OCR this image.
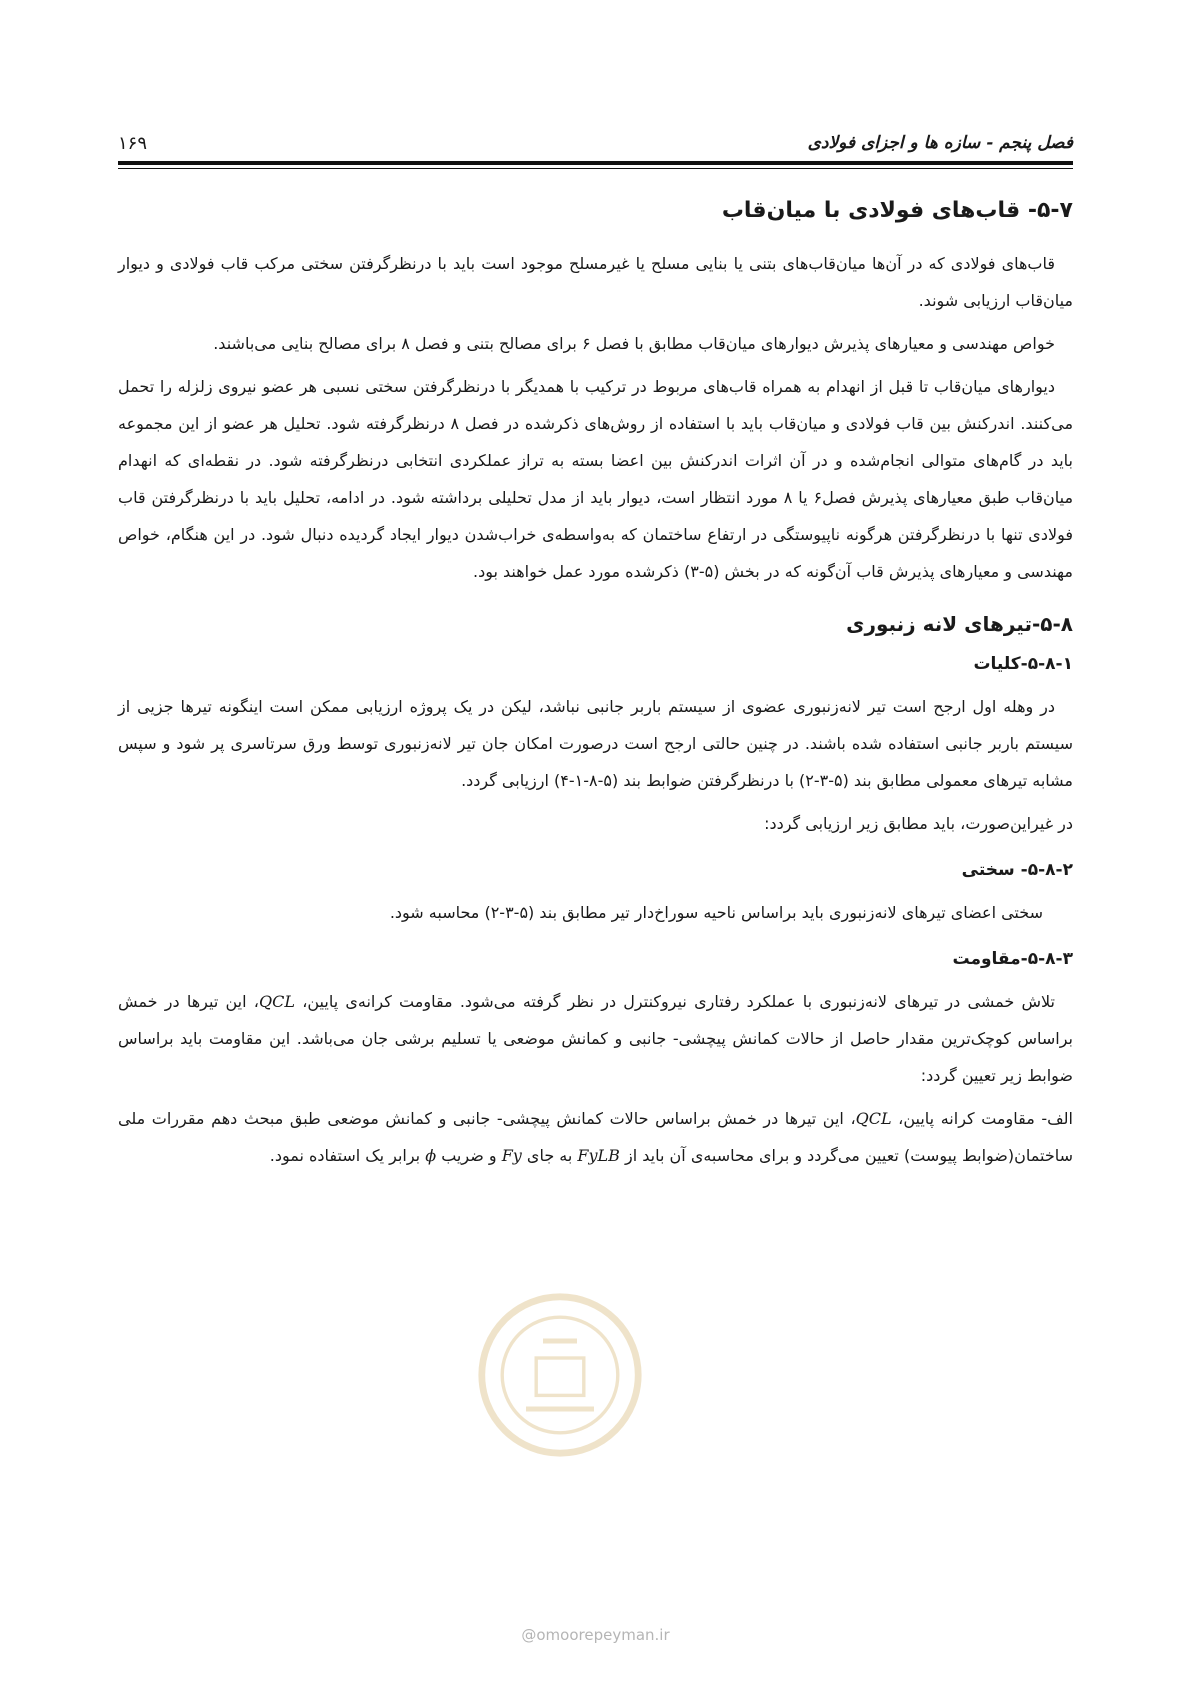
فصل پنجم - سازه ها و اجزای فولادی
۱۶۹
۵-۷- قاب‌های فولادی با میان‌قاب

قاب‌های فولادی که در آن‌ها میان‌قاب‌های بتنی یا بنایی مسلح یا غیرمسلح موجود است باید با درنظرگرفتن سختی مرکب قاب فولادی و دیوار میان‌قاب ارزیابی شوند.

خواص مهندسی و معیارهای پذیرش دیوارهای میان‌قاب مطابق با فصل ۶ برای مصالح بتنی و فصل ۸ برای مصالح بنایی می‌باشند.

دیوارهای میان‌قاب تا قبل از انهدام به همراه قاب‌های مربوط در ترکیب با همدیگر با درنظرگرفتن سختی نسبی هر عضو نیروی زلزله را تحمل می‌کنند. اندرکنش بین قاب فولادی و میان‌قاب باید با استفاده از روش‌های ذکرشده در فصل ۸ درنظرگرفته شود. تحلیل هر عضو از این مجموعه باید در گام‌های متوالی انجام‌شده و در آن اثرات اندرکنش بین اعضا بسته به تراز عملکردی انتخابی درنظرگرفته شود. در نقطه‌ای که انهدام میان‌قاب طبق معیارهای پذیرش فصل۶ یا ۸ مورد انتظار است، دیوار باید از مدل تحلیلی برداشته شود. در ادامه، تحلیل باید با درنظرگرفتن قاب فولادی تنها با درنظرگرفتن هرگونه ناپیوستگی در ارتفاع ساختمان که به‌واسطه‌ی خراب‌شدن دیوار ایجاد گردیده دنبال شود. در این هنگام، خواص مهندسی و معیارهای پذیرش قاب آن‌گونه که در بخش (۵-۳) ذکرشده مورد عمل خواهند بود.

۵-۸-تیرهای لانه زنبوری
۵-۸-۱-کلیات

در وهله اول ارجح است تیر لانه‌زنبوری عضوی از سیستم باربر جانبی نباشد، لیکن در یک پروژه ارزیابی ممکن است اینگونه تیرها جزیی از سیستم باربر جانبی استفاده شده باشند. در چنین حالتی ارجح است درصورت امکان جان تیر لانه‌زنبوری توسط ورق سرتاسری پر شود و سپس مشابه تیرهای معمولی مطابق بند (۵-۳-۲) با درنظرگرفتن ضوابط بند (۵-۸-۱-۴) ارزیابی گردد.

در غیراین‌صورت، باید مطابق زیر ارزیابی گردد:

۵-۸-۲- سختی

سختی اعضای تیرهای لانه‌زنبوری باید براساس ناحیه سوراخ‌دار تیر مطابق بند (۵-۳-۲) محاسبه شود.

۵-۸-۳-مقاومت

تلاش خمشی در تیرهای لانه‌زنبوری با عملکرد رفتاری نیروکنترل در نظر گرفته می‌شود. مقاومت کرانه‌ی پایین، QCL، این تیرها در خمش براساس کوچک‌ترین مقدار حاصل از حالات کمانش پیچشی- جانبی و کمانش موضعی یا تسلیم برشی جان می‌باشد. این مقاومت باید براساس ضوابط زیر تعیین گردد:

الف- مقاومت کرانه پایین، QCL، این تیرها در خمش براساس حالات کمانش پیچشی- جانبی و کمانش موضعی طبق مبحث دهم مقررات ملی ساختمان(ضوابط پیوست) تعیین می‌گردد و برای محاسبه‌ی آن باید از FyLB به جای Fy و ضریب ϕ برابر یک استفاده نمود.

@omoorepeyman.ir
